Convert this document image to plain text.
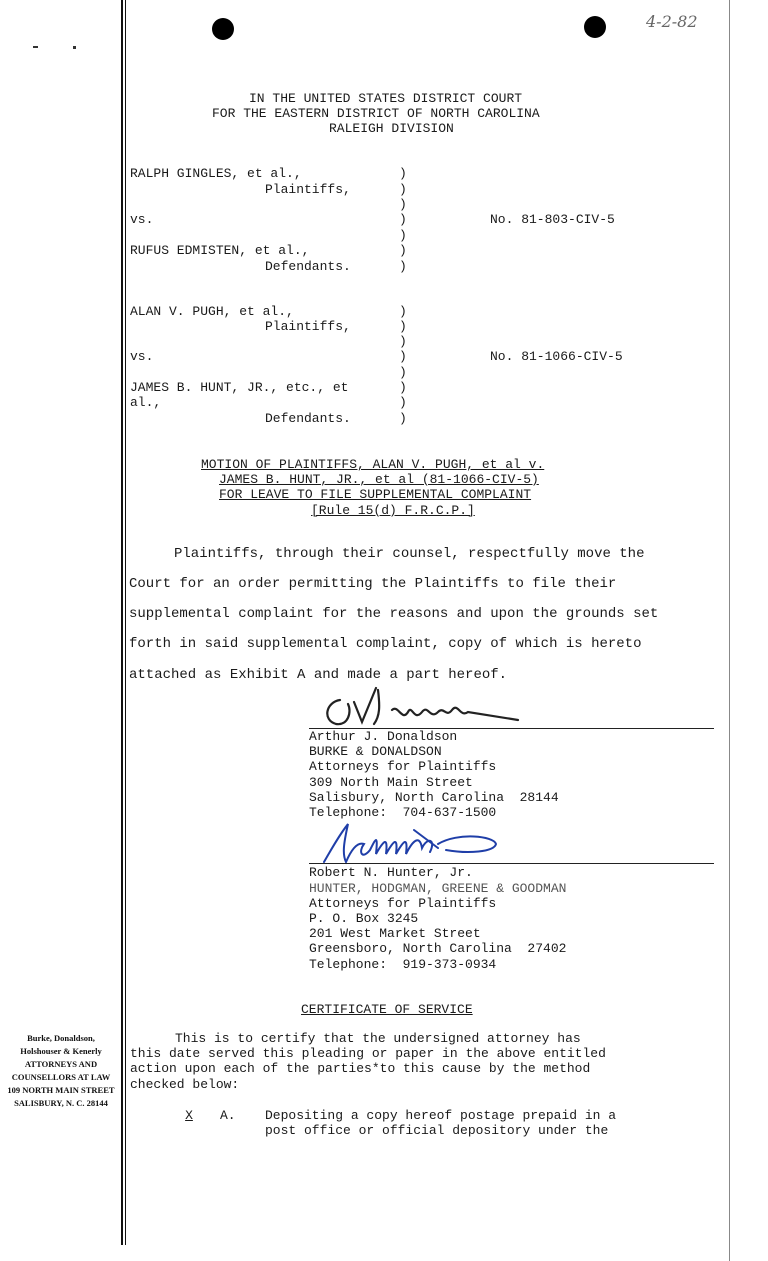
4-2-82
IN THE UNITED STATES DISTRICT COURT
FOR THE EASTERN DISTRICT OF NORTH CAROLINA
RALEIGH DIVISION
RALPH GINGLES, et al.,
Plaintiffs,
vs.
RUFUS EDMISTEN, et al.,
Defendants.
No. 81-803-CIV-5
)
)
)
)
)
)
)
ALAN V. PUGH, et al.,
Plaintiffs,
vs.
JAMES B. HUNT, JR., etc., et
al.,
Defendants.
No. 81-1066-CIV-5
)
)
)
)
)
)
)
)
MOTION OF PLAINTIFFS, ALAN V. PUGH, et al v.
JAMES B. HUNT, JR., et al (81-1066-CIV-5)
FOR LEAVE TO FILE SUPPLEMENTAL COMPLAINT
[Rule 15(d) F.R.C.P.]
Plaintiffs, through their counsel, respectfully move the
Court for an order permitting the Plaintiffs to file their
supplemental complaint for the reasons and upon the grounds set
forth in said supplemental complaint, copy of which is hereto
attached as Exhibit A and made a part hereof.
Arthur J. Donaldson
BURKE & DONALDSON
Attorneys for Plaintiffs
309 North Main Street
Salisbury, North Carolina  28144
Telephone:  704-637-1500
Robert N. Hunter, Jr.
HUNTER, HODGMAN, GREENE & GOODMAN
Attorneys for Plaintiffs
P. O. Box 3245
201 West Market Street
Greensboro, North Carolina  27402
Telephone:  919-373-0934
CERTIFICATE OF SERVICE
This is to certify that the undersigned attorney has
this date served this pleading or paper in the above entitled
action upon each of the parties*to this cause by the method
checked below:
X	A. Depositing a copy hereof postage prepaid in a
post office or official depository under the
Burke, Donaldson,
Holshouser & Kenerly
ATTORNEYS AND
COUNSELLORS AT LAW
109 NORTH MAIN STREET
SALISBURY, N. C. 28144
